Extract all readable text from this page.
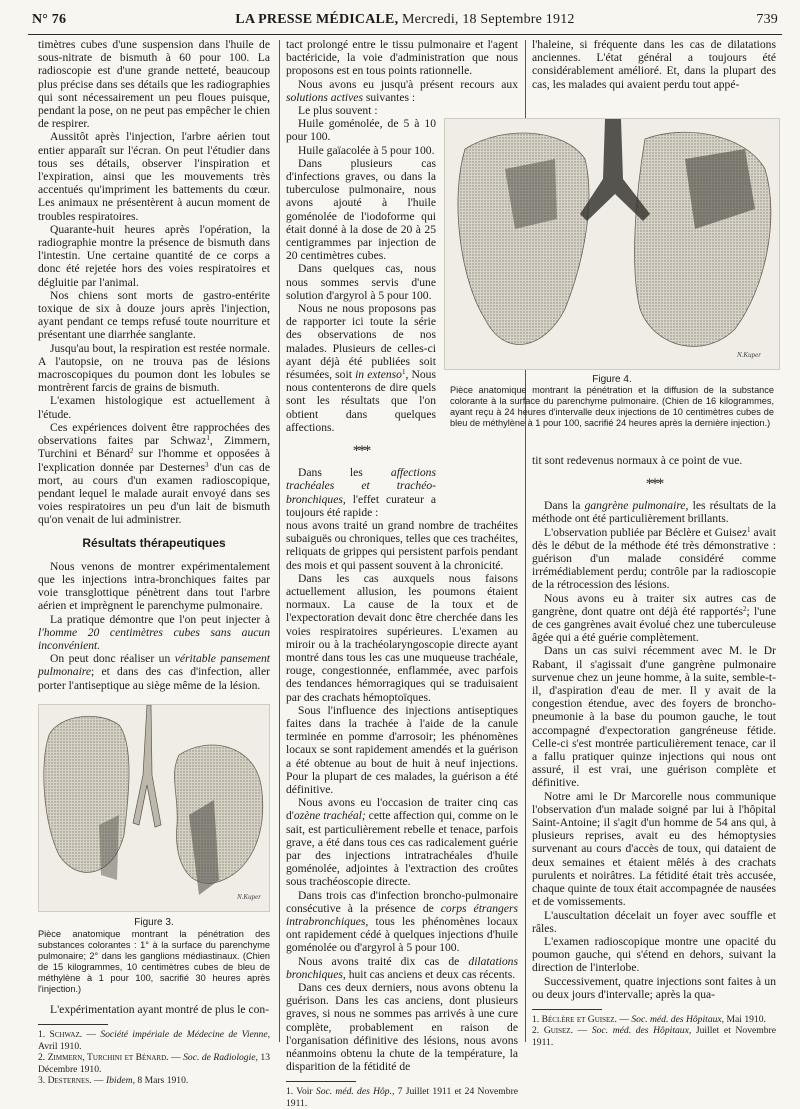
N° 76	LA PRESSE MÉDICALE, Mercredi, 18 Septembre 1912	739

timètres cubes d'une suspension dans l'huile de sous-nitrate de bismuth à 60 pour 100. La radioscopie est d'une grande netteté, beaucoup plus précise dans ses détails que les radiographies qui sont nécessairement un peu floues puisque, pendant la pose, on ne peut pas empêcher le chien de respirer.

Aussitôt après l'injection, l'arbre aérien tout entier apparaît sur l'écran. On peut l'étudier dans tous ses détails, observer l'inspiration et l'expiration, ainsi que les mouvements très accentués qu'impriment les battements du cœur. Les animaux ne présentèrent à aucun moment de troubles respiratoires.

Quarante-huit heures après l'opération, la radiographie montre la présence de bismuth dans l'intestin. Une certaine quantité de ce corps a donc été rejetée hors des voies respiratoires et dégluitie par l'animal.

Nos chiens sont morts de gastro-entérite toxique de six à douze jours après l'injection, ayant pendant ce temps refusé toute nourriture et présentant une diarrhée sanglante.

Jusqu'au bout, la respiration est restée normale. A l'autopsie, on ne trouva pas de lésions macroscopiques du poumon dont les lobules se montrèrent farcis de grains de bismuth.

L'examen histologique est actuellement à l'étude.

Ces expériences doivent être rapprochées des observations faites par Schwaz$^1$, Zimmern, Turchini et Bénard$^2$ sur l'homme et opposées à l'explication donnée par Desternes$^3$ d'un cas de mort, au cours d'un examen radioscopique, pendant lequel le malade aurait envoyé dans ses voies respiratoires un peu d'un lait de bismuth qu'on venait de lui administrer.

Résultats thérapeutiques

Nous venons de montrer expérimentalement que les injections intra-bronchiques faites par voie transglottique pénètrent dans tout l'arbre aérien et imprègnent le parenchyme pulmonaire.

La pratique démontre que l'on peut injecter à l'homme 20 centimètres cubes sans aucun inconvénient.

On peut donc réaliser un véritable pansement pulmonaire; et dans des cas d'infection, aller porter l'antiseptique au siège même de la lésion.

N.Kuper
Figure 3.
Pièce anatomique montrant la pénétration des substances colorantes : 1° à la surface du parenchyme pulmonaire; 2° dans les ganglions médiastinaux. (Chien de 15 kilogrammes, 10 centimètres cubes de bleu de méthylène à 1 pour 100, sacrifié 30 heures après l'injection.)

L'expérimentation ayant montré de plus le con-

1. Schwaz. — Société impériale de Médecine de Vienne, Avril 1910.

2. Zimmern, Turchini et Bénard. — Soc. de Radiologie, 13 Décembre 1910.

3. Desternes. — Ibidem, 8 Mars 1910.

tact prolongé entre le tissu pulmonaire et l'agent bactéricide, la voie d'administration que nous proposons est en tous points rationnelle.

Nous avons eu jusqu'à présent recours aux solutions actives suivantes :

Le plus souvent :

Huile goménolée, de 5 à 10 pour 100.

Huile gaïacolée à 5 pour 100.

Dans plusieurs cas d'infections graves, ou dans la tuberculose pulmonaire, nous avons ajouté à l'huile goménolée de l'iodoforme qui était donné à la dose de 20 à 25 centigrammes par injection de 20 centimètres cubes.

Dans quelques cas, nous nous sommes servis d'une solution d'argyrol à 5 pour 100.

Nous ne nous proposons pas de rapporter ici toute la série des observations de nos malades. Plusieurs de celles-ci ayant déjà été publiées soit résumées, soit in extenso$^1$, Nous nous contenterons de dire quels sont les résultats que l'on obtient dans quelques affections.

***

Dans les affections trachéales et trachéo-bronchiques, l'effet curateur a toujours été rapide :

nous avons traité un grand nombre de trachéites subaiguës ou chroniques, telles que ces trachéites, reliquats de grippes qui persistent parfois pendant des mois et qui passent souvent à la chronicité.

Dans les cas auxquels nous faisons actuellement allusion, les poumons étaient normaux. La cause de la toux et de l'expectoration devait donc être cherchée dans les voies respiratoires supérieures. L'examen au miroir ou à la trachéolaryngoscopie directe ayant montré dans tous les cas une muqueuse trachéale, rouge, congestionnée, enflammée, avec parfois des tendances hémorragiques qui se traduisaient par des crachats hémoptoïques.

Sous l'influence des injections antiseptiques faites dans la trachée à l'aide de la canule terminée en pomme d'arrosoir; les phénomènes locaux se sont rapidement amendés et la guérison a été obtenue au bout de huit à neuf injections. Pour la plupart de ces malades, la guérison a été définitive.

Nous avons eu l'occasion de traiter cinq cas d'ozène trachéal; cette affection qui, comme on le sait, est particulièrement rebelle et tenace, parfois grave, a été dans tous ces cas radicalement guérie par des injections intratrachéales d'huile goménolée, adjointes à l'extraction des croûtes sous trachéoscopie directe.

Dans trois cas d'infection broncho-pulmonaire consécutive à la présence de corps étrangers intrabronchiques, tous les phénomènes locaux ont rapidement cédé à quelques injections d'huile goménolée ou d'argyrol à 5 pour 100.

Nous avons traité dix cas de dilatations bronchiques, huit cas anciens et deux cas récents.

Dans ces deux derniers, nous avons obtenu la guérison. Dans les cas anciens, dont plusieurs graves, si nous ne sommes pas arrivés à une cure complète, probablement en raison de l'organisation définitive des lésions, nous avons néanmoins obtenu la chute de la température, la disparition de la fétidité de

1. Voir Soc. méd. des Hôp., 7 Juillet 1911 et 24 Novembre 1911.

l'haleine, si fréquente dans les cas de dilatations anciennes. L'état général a toujours été considérablement amélioré. Et, dans la plupart des cas, les malades qui avaient perdu tout appé-

N.Kuper
Figure 4.
Pièce anatomique montrant la pénétration et la diffusion de la substance colorante à la surface du parenchyme pulmonaire. (Chien de 16 kilogrammes, ayant reçu à 24 heures d'intervalle deux injections de 10 centimètres cubes de bleu de méthylène à 1 pour 100, sacrifié 24 heures après la dernière injection.)

tit sont redevenus normaux à ce point de vue.

***

Dans la gangrène pulmonaire, les résultats de la méthode ont été particulièrement brillants.

L'observation publiée par Béclère et Guisez$^1$ avait dès le début de la méthode été très démonstrative : guérison d'un malade considéré comme irrémédiablement perdu; contrôle par la radioscopie de la rétrocession des lésions.

Nous avons eu à traiter six autres cas de gangrène, dont quatre ont déjà été rapportés$^2$; l'une de ces gangrènes avait évolué chez une tuberculeuse âgée qui a été guérie complètement.

Dans un cas suivi récemment avec M. le Dr Rabant, il s'agissait d'une gangrène pulmonaire survenue chez un jeune homme, à la suite, semble-t-il, d'aspiration d'eau de mer. Il y avait de la congestion étendue, avec des foyers de broncho-pneumonie à la base du poumon gauche, le tout accompagné d'expectoration gangréneuse fétide. Celle-ci s'est montrée particulièrement tenace, car il a fallu pratiquer quinze injections qui nous ont assuré, il est vrai, une guérison complète et définitive.

Notre ami le Dr Marcorelle nous communique l'observation d'un malade soigné par lui à l'hôpital Saint-Antoine; il s'agit d'un homme de 54 ans qui, à plusieurs reprises, avait eu des hémoptysies survenant au cours d'accès de toux, qui dataient de deux semaines et étaient mêlés à des crachats purulents et noirâtres. La fétidité était très accusée, chaque quinte de toux était accompagnée de nausées et de vomissements.

L'auscultation décelait un foyer avec souffle et râles.

L'examen radioscopique montre une opacité du poumon gauche, qui s'étend en dehors, suivant la direction de l'interlobe.

Successivement, quatre injections sont faites à un ou deux jours d'intervalle; après la qua-

1. Béclère et Guisez. — Soc. méd. des Hôpitaux, Mai 1910.

2. Guisez. — Soc. méd. des Hôpitaux, Juillet et Novembre 1911.
